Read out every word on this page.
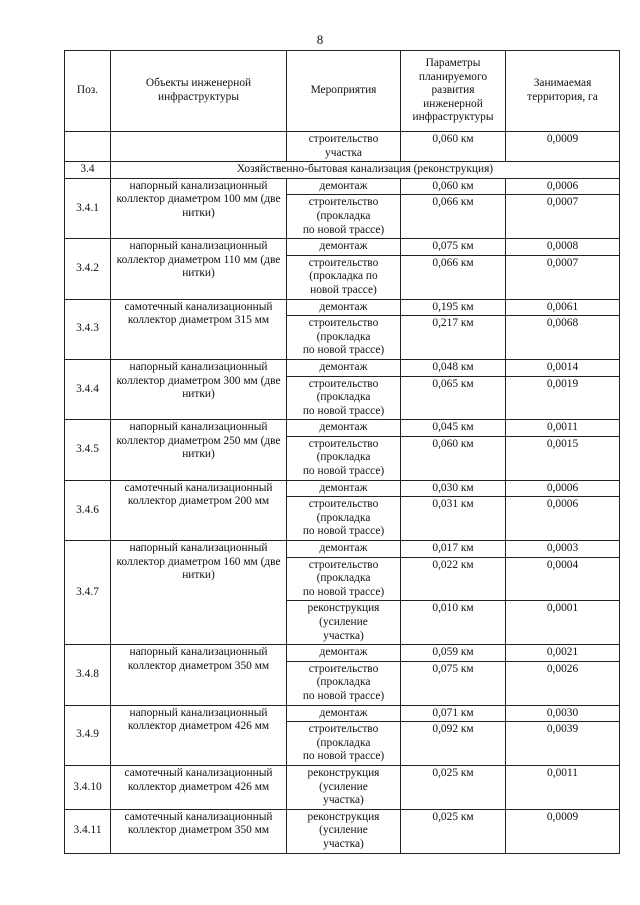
8
Поз.	Объекты инженерной инфраструктуры	Мероприятия	Параметры планируемого развития инженерной инфраструктуры	Занимаемая территория, га
		строительство
участка	0,060 км	0,0009
3.4	Хозяйственно-бытовая канализация (реконструкция)			
3.4.1	напорный канализационный коллектор диаметром 100 мм (две нитки)	демонтаж	0,060 км	0,0006
		строительство
(прокладка
по новой трассе)	0,066 км	0,0007
3.4.2	напорный канализационный коллектор диаметром 110 мм (две нитки)	демонтаж	0,075 км	0,0008
		строительство
(прокладка по
новой трассе)	0,066 км	0,0007
3.4.3	самотечный канализационный коллектор диаметром 315 мм	демонтаж	0,195 км	0,0061
		строительство
(прокладка
по новой трассе)	0,217 км	0,0068
3.4.4	напорный канализационный коллектор диаметром 300 мм (две нитки)	демонтаж	0,048 км	0,0014
		строительство
(прокладка
по новой трассе)	0,065 км	0,0019
3.4.5	напорный канализационный коллектор диаметром 250 мм (две нитки)	демонтаж	0,045 км	0,0011
		строительство
(прокладка
по новой трассе)	0,060 км	0,0015
3.4.6	самотечный канализационный коллектор диаметром 200 мм	демонтаж	0,030 км	0,0006
		строительство
(прокладка
по новой трассе)	0,031 км	0,0006
3.4.7	напорный канализационный коллектор диаметром 160 мм (две нитки)	демонтаж	0,017 км	0,0003
		строительство
(прокладка
по новой трассе)	0,022 км	0,0004
		реконструкция
(усиление
участка)	0,010 км	0,0001
3.4.8	напорный канализационный коллектор диаметром 350 мм	демонтаж	0,059 км	0,0021
		строительство
(прокладка
по новой трассе)	0,075 км	0,0026
3.4.9	напорный канализационный коллектор диаметром 426 мм	демонтаж	0,071 км	0,0030
		строительство
(прокладка
по новой трассе)	0,092 км	0,0039
3.4.10	самотечный канализационный коллектор диаметром 426 мм	реконструкция
(усиление
участка)	0,025 км	0,0011
3.4.11	самотечный канализационный коллектор диаметром 350 мм	реконструкция
(усиление
участка)	0,025 км	0,0009
